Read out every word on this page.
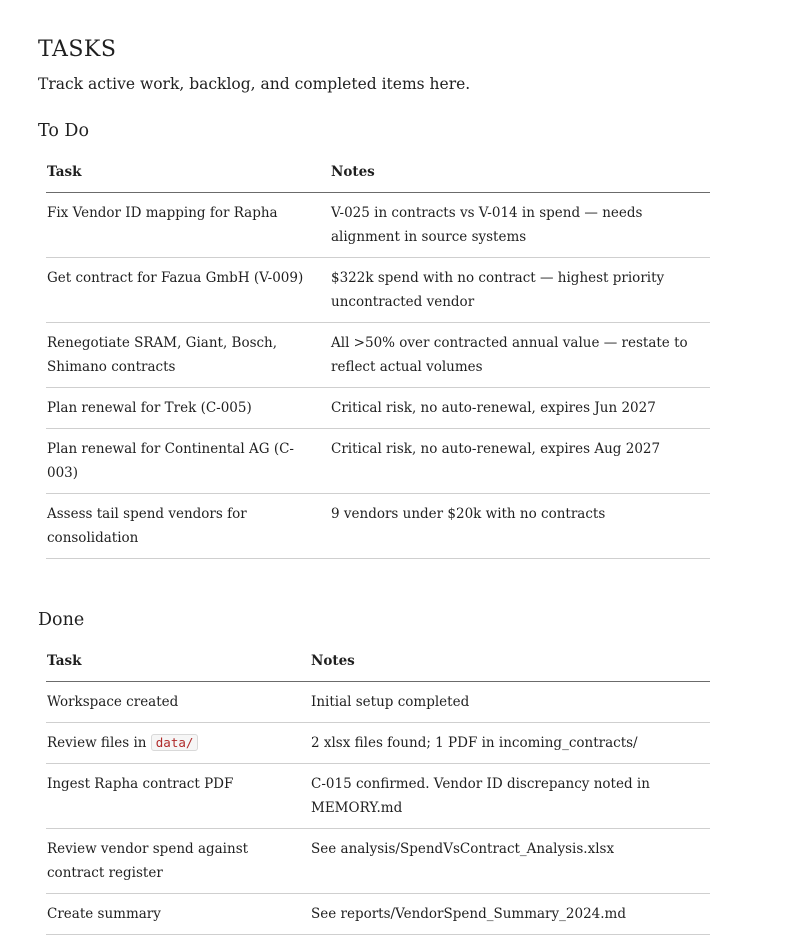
TASKS

Track active work, backlog, and completed items here.

To Do
Task	Notes
Fix Vendor ID mapping for Rapha	V-025 in contracts vs V-014 in spend — needs alignment in source systems
Get contract for Fazua GmbH (V-009)	$322k spend with no contract — highest priority uncontracted vendor
Renegotiate SRAM, Giant, Bosch, Shimano contracts	All >50% over contracted annual value — restate to reflect actual volumes
Plan renewal for Trek (C-005)	Critical risk, no auto-renewal, expires Jun 2027
Plan renewal for Continental AG (C-003)	Critical risk, no auto-renewal, expires Aug 2027
Assess tail spend vendors for consolidation	9 vendors under $20k with no contracts
Done
Task	Notes
Workspace created	Initial setup completed
Review files in data/	2 xlsx files found; 1 PDF in incoming_contracts/
Ingest Rapha contract PDF	C-015 confirmed. Vendor ID discrepancy noted in MEMORY.md
Review vendor spend against contract register	See analysis/SpendVsContract_Analysis.xlsx
Create summary	See reports/VendorSpend_Summary_2024.md
